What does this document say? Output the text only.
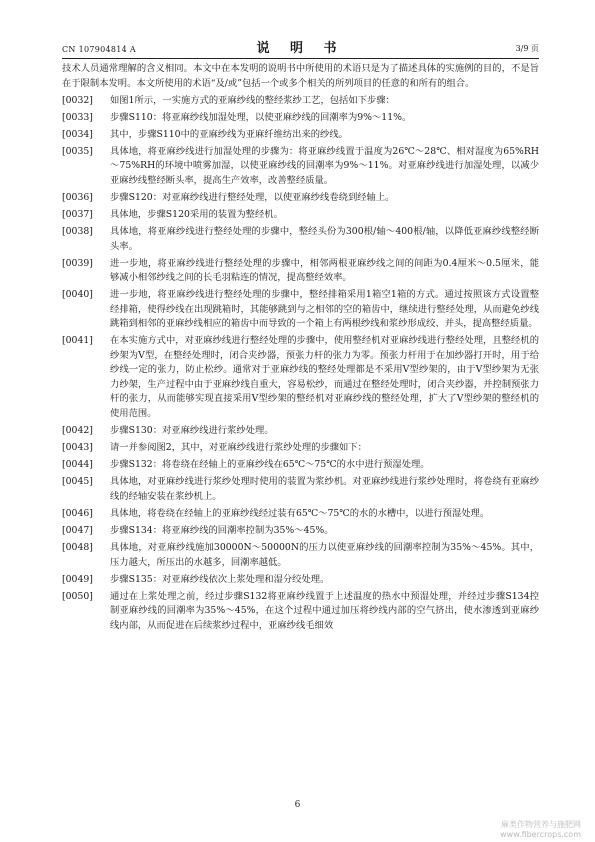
CN 107904814 A	说 明 书	3/9 页
技术人员通常理解的含义相同。本文中在本发明的说明书中所使用的术语只是为了描述具体的实施例的目的，不是旨在于限制本发明。本文所使用的术语“及/或”包括一个或多个相关的所列项目的任意的和所有的组合。
[0032]	如图1所示，一实施方式的亚麻纱线的整经浆纱工艺，包括如下步骤：
[0033]	步骤S110：将亚麻纱线加湿处理，以使亚麻纱线的回潮率为9%～11%。
[0034]	其中，步骤S110中的亚麻纱线为亚麻纤维纺出来的纱线。
[0035]	具体地，将亚麻纱线进行加湿处理的步骤为：将亚麻纱线置于温度为26℃～28℃、相对湿度为65%RH～75%RH的环境中喷雾加湿，以使亚麻纱线的回潮率为9%～11%。对亚麻纱线进行加湿处理，以减少亚麻纱线整经断头率，提高生产效率，改善整经质量。
[0036]	步骤S120：对亚麻纱线进行整经处理，以使亚麻纱线卷绕到经轴上。
[0037]	具体地，步骤S120采用的装置为整经机。
[0038]	具体地，将亚麻纱线进行整经处理的步骤中，整经头份为300根/轴～400根/轴，以降低亚麻纱线整经断头率。
[0039]	进一步地，将亚麻纱线进行整经处理的步骤中，相邻两根亚麻纱线之间的间距为0.4厘米～0.5厘米，能够减小相邻纱线之间的长毛羽粘连的情况，提高整经效率。
[0040]	进一步地，将亚麻纱线进行整经处理的步骤中，整经排箱采用1箱空1箱的方式。通过按照该方式设置整经排箱，使得纱线在出现跳箱时，其能够跳到与之相邻的空的箱齿中，继续进行整经处理，从而避免纱线跳箱到相邻的亚麻纱线相应的箱齿中而导致的一个箱上有两根纱线和浆纱形成绞、并头，提高整经质量。
[0041]	在本实施方式中，对亚麻纱线进行整经处理的步骤中，使用整经机对亚麻纱线进行整经处理，且整经机的纱架为V型，在整经处理时，闭合夹纱器，预张力杆的张力为零。预张力杆用于在加纱器打开时，用于给纱线一定的张力，防止松纱。通常对于亚麻纱线的整经处理都是不采用V型纱架的，由于V型纱架为无张力纱架，生产过程中由于亚麻纱线自重大，容易松纱，而通过在整经处理时，闭合夹纱器，并控制预张力杆的张力，从而能够实现直接采用V型纱架的整经机对亚麻纱线的整经处理，扩大了V型纱架的整经机的使用范围。
[0042]	步骤S130：对亚麻纱线进行浆纱处理。
[0043]	请一并参阅图2，其中，对亚麻纱线进行浆纱处理的步骤如下：
[0044]	步骤S132：将卷绕在经轴上的亚麻纱线在65℃～75℃的水中进行预湿处理。
[0045]	具体地，对亚麻纱线进行浆纱处理时使用的装置为浆纱机。对亚麻纱线进行浆纱处理时，将卷绕有亚麻纱线的经轴安装在浆纱机上。
[0046]	具体地，将卷绕在经轴上的亚麻纱线经过装有65℃～75℃的水的水槽中，以进行预湿处理。
[0047]	步骤S134：将亚麻纱线的回潮率控制为35%～45%。
[0048]	具体地，对亚麻纱线施加30000N～50000N的压力以使亚麻纱线的回潮率控制为35%～45%。其中，压力越大，所压出的水越多，回潮率越低。
[0049]	步骤S135：对亚麻纱线依次上浆处理和湿分绞处理。
[0050]	通过在上浆处理之前，经过步骤S132将亚麻纱线置于上述温度的热水中预湿处理，并经过步骤S134控制亚麻纱线的回潮率为35%～45%，在这个过程中通过加压将纱线内部的空气挤出，使水渗透到亚麻纱线内部，从而促进在后续浆纱过程中，亚麻纱线毛细效
6
麻类作物营养与施肥网
www.fibercrops.com
